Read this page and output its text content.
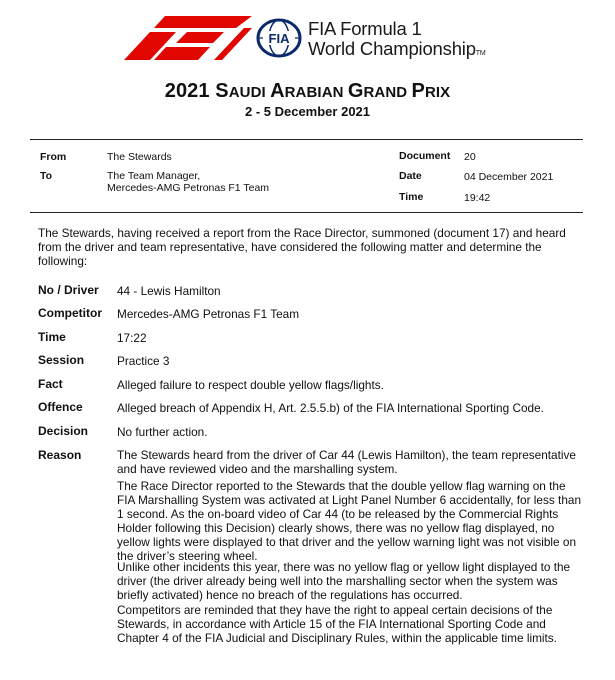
FIA FIA Formula 1
World ChampionshipTM
2021 SAUDI ARABIAN GRAND PRIX
2 - 5 December 2021
From	The Stewards
To	The Team Manager,
Mercedes-AMG Petronas F1 Team
Document 20
Date	04 December 2021
Time	19:42
The Stewards, having received a report from the Race Director, summoned (document 17) and heard from the driver and team representative, have considered the following matter and determine the following:
No / Driver 44 - Lewis Hamilton
Competitor Mercedes-AMG Petronas F1 Team
Time	17:22
Session	Practice 3
Fact	Alleged failure to respect double yellow flags/lights.
Offence	Alleged breach of Appendix H, Art. 2.5.5.b) of the FIA International Sporting Code.
Decision No further action.
Reason	The Stewards heard from the driver of Car 44 (Lewis Hamilton), the team representative and have reviewed video and the marshalling system.
The Race Director reported to the Stewards that the double yellow flag warning on the FIA Marshalling System was activated at Light Panel Number 6 accidentally, for less than 1 second. As the on-board video of Car 44 (to be released by the Commercial Rights Holder following this Decision) clearly shows, there was no yellow flag displayed, no yellow lights were displayed to that driver and the yellow warning light was not visible on the driver’s steering wheel.
Unlike other incidents this year, there was no yellow flag or yellow light displayed to the driver (the driver already being well into the marshalling sector when the system was briefly activated) hence no breach of the regulations has occurred.
Competitors are reminded that they have the right to appeal certain decisions of the Stewards, in accordance with Article 15 of the FIA International Sporting Code and Chapter 4 of the FIA Judicial and Disciplinary Rules, within the applicable time limits.
